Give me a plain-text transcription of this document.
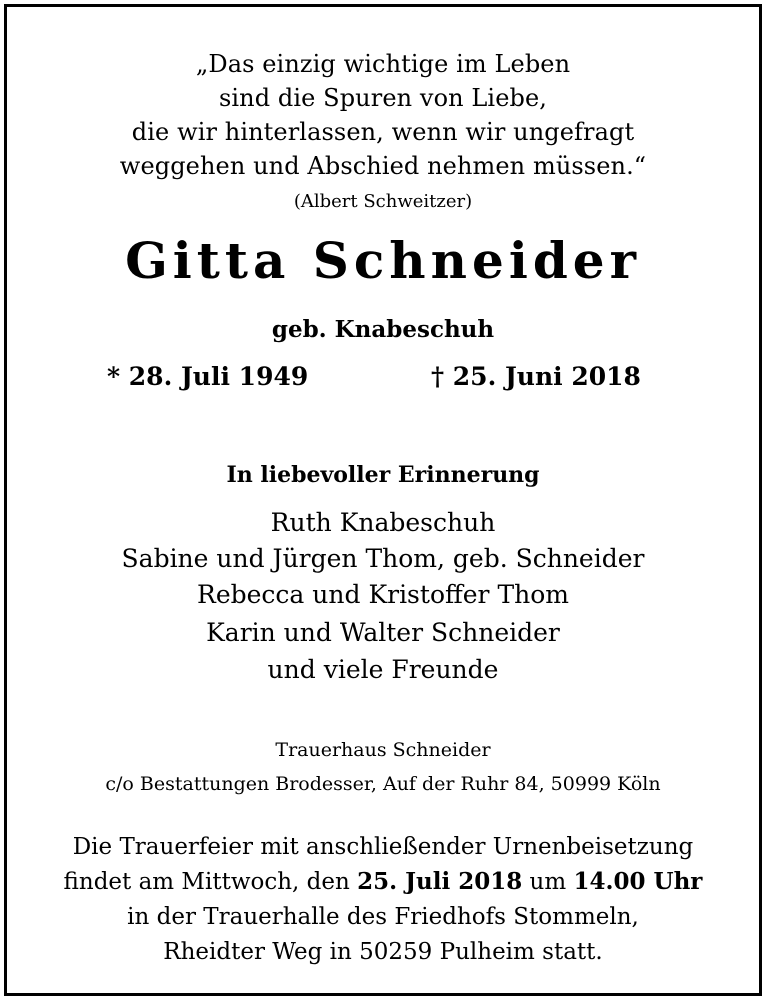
„Das einzig wichtige im Leben
sind die Spuren von Liebe,
die wir hinterlassen, wenn wir ungefragt
weggehen und Abschied nehmen müssen.“
(Albert Schweitzer)
Gitta Schneider
geb. Knabeschuh
* 28. Juli 1949	† 25. Juni 2018
In liebevoller Erinnerung
Ruth Knabeschuh
Sabine und Jürgen Thom, geb. Schneider
Rebecca und Kristoffer Thom
Karin und Walter Schneider
und viele Freunde
Trauerhaus Schneider
c/o Bestattungen Brodesser, Auf der Ruhr 84, 50999 Köln
Die Trauerfeier mit anschließender Urnenbeisetzung
findet am Mittwoch, den 25. Juli 2018 um 14.00 Uhr
in der Trauerhalle des Friedhofs Stommeln,
Rheidter Weg in 50259 Pulheim statt.
